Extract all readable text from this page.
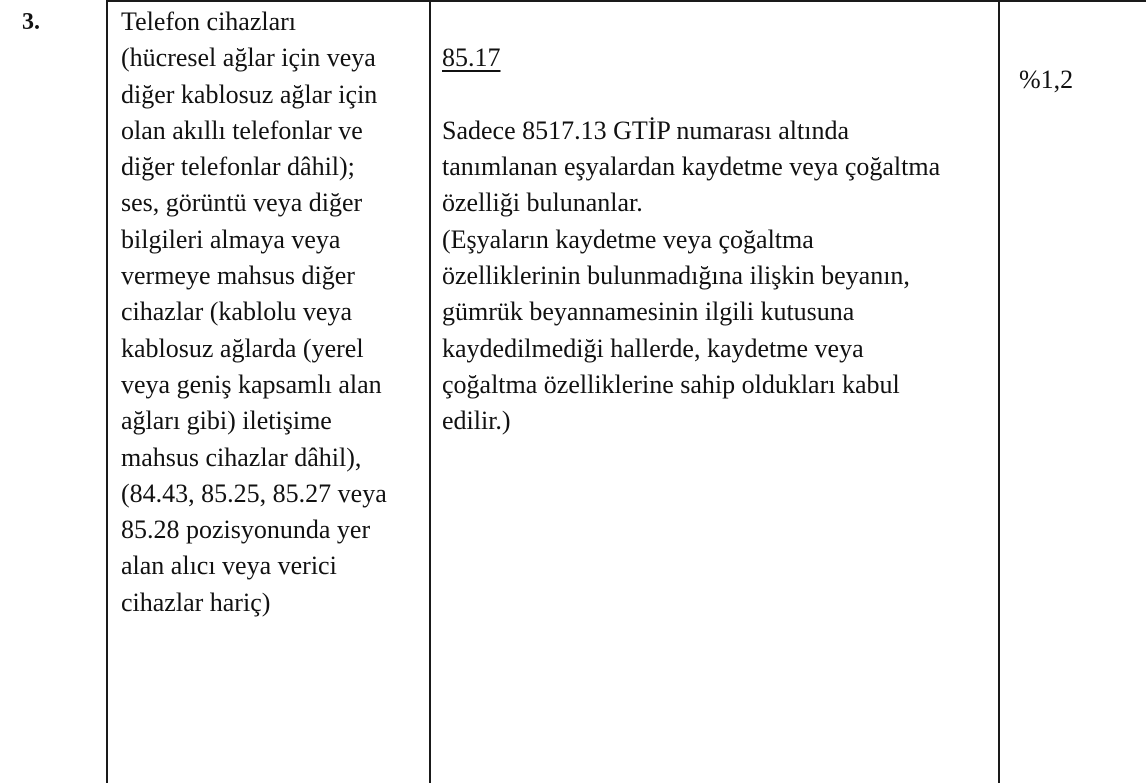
3.	Telefon cihazları
(hücresel ağlar için veya
diğer kablosuz ağlar için
olan akıllı telefonlar ve
diğer telefonlar dâhil);
ses, görüntü veya diğer
bilgileri almaya veya
vermeye mahsus diğer
cihazlar (kablolu veya
kablosuz ağlarda (yerel
veya geniş kapsamlı alan
ağları gibi) iletişime
mahsus cihazlar dâhil),
(84.43, 85.25, 85.27 veya
85.28 pozisyonunda yer
alan alıcı veya verici
cihazlar hariç)

85.17

Sadece 8517.13 GTİP numarası altında
tanımlanan eşyalardan kaydetme veya çoğaltma
özelliği bulunanlar.
(Eşyaların kaydetme veya çoğaltma
özelliklerinin bulunmadığına ilişkin beyanın,
gümrük beyannamesinin ilgili kutusuna
kaydedilmediği hallerde, kaydetme veya
çoğaltma özelliklerine sahip oldukları kabul
edilir.)

%1,2
